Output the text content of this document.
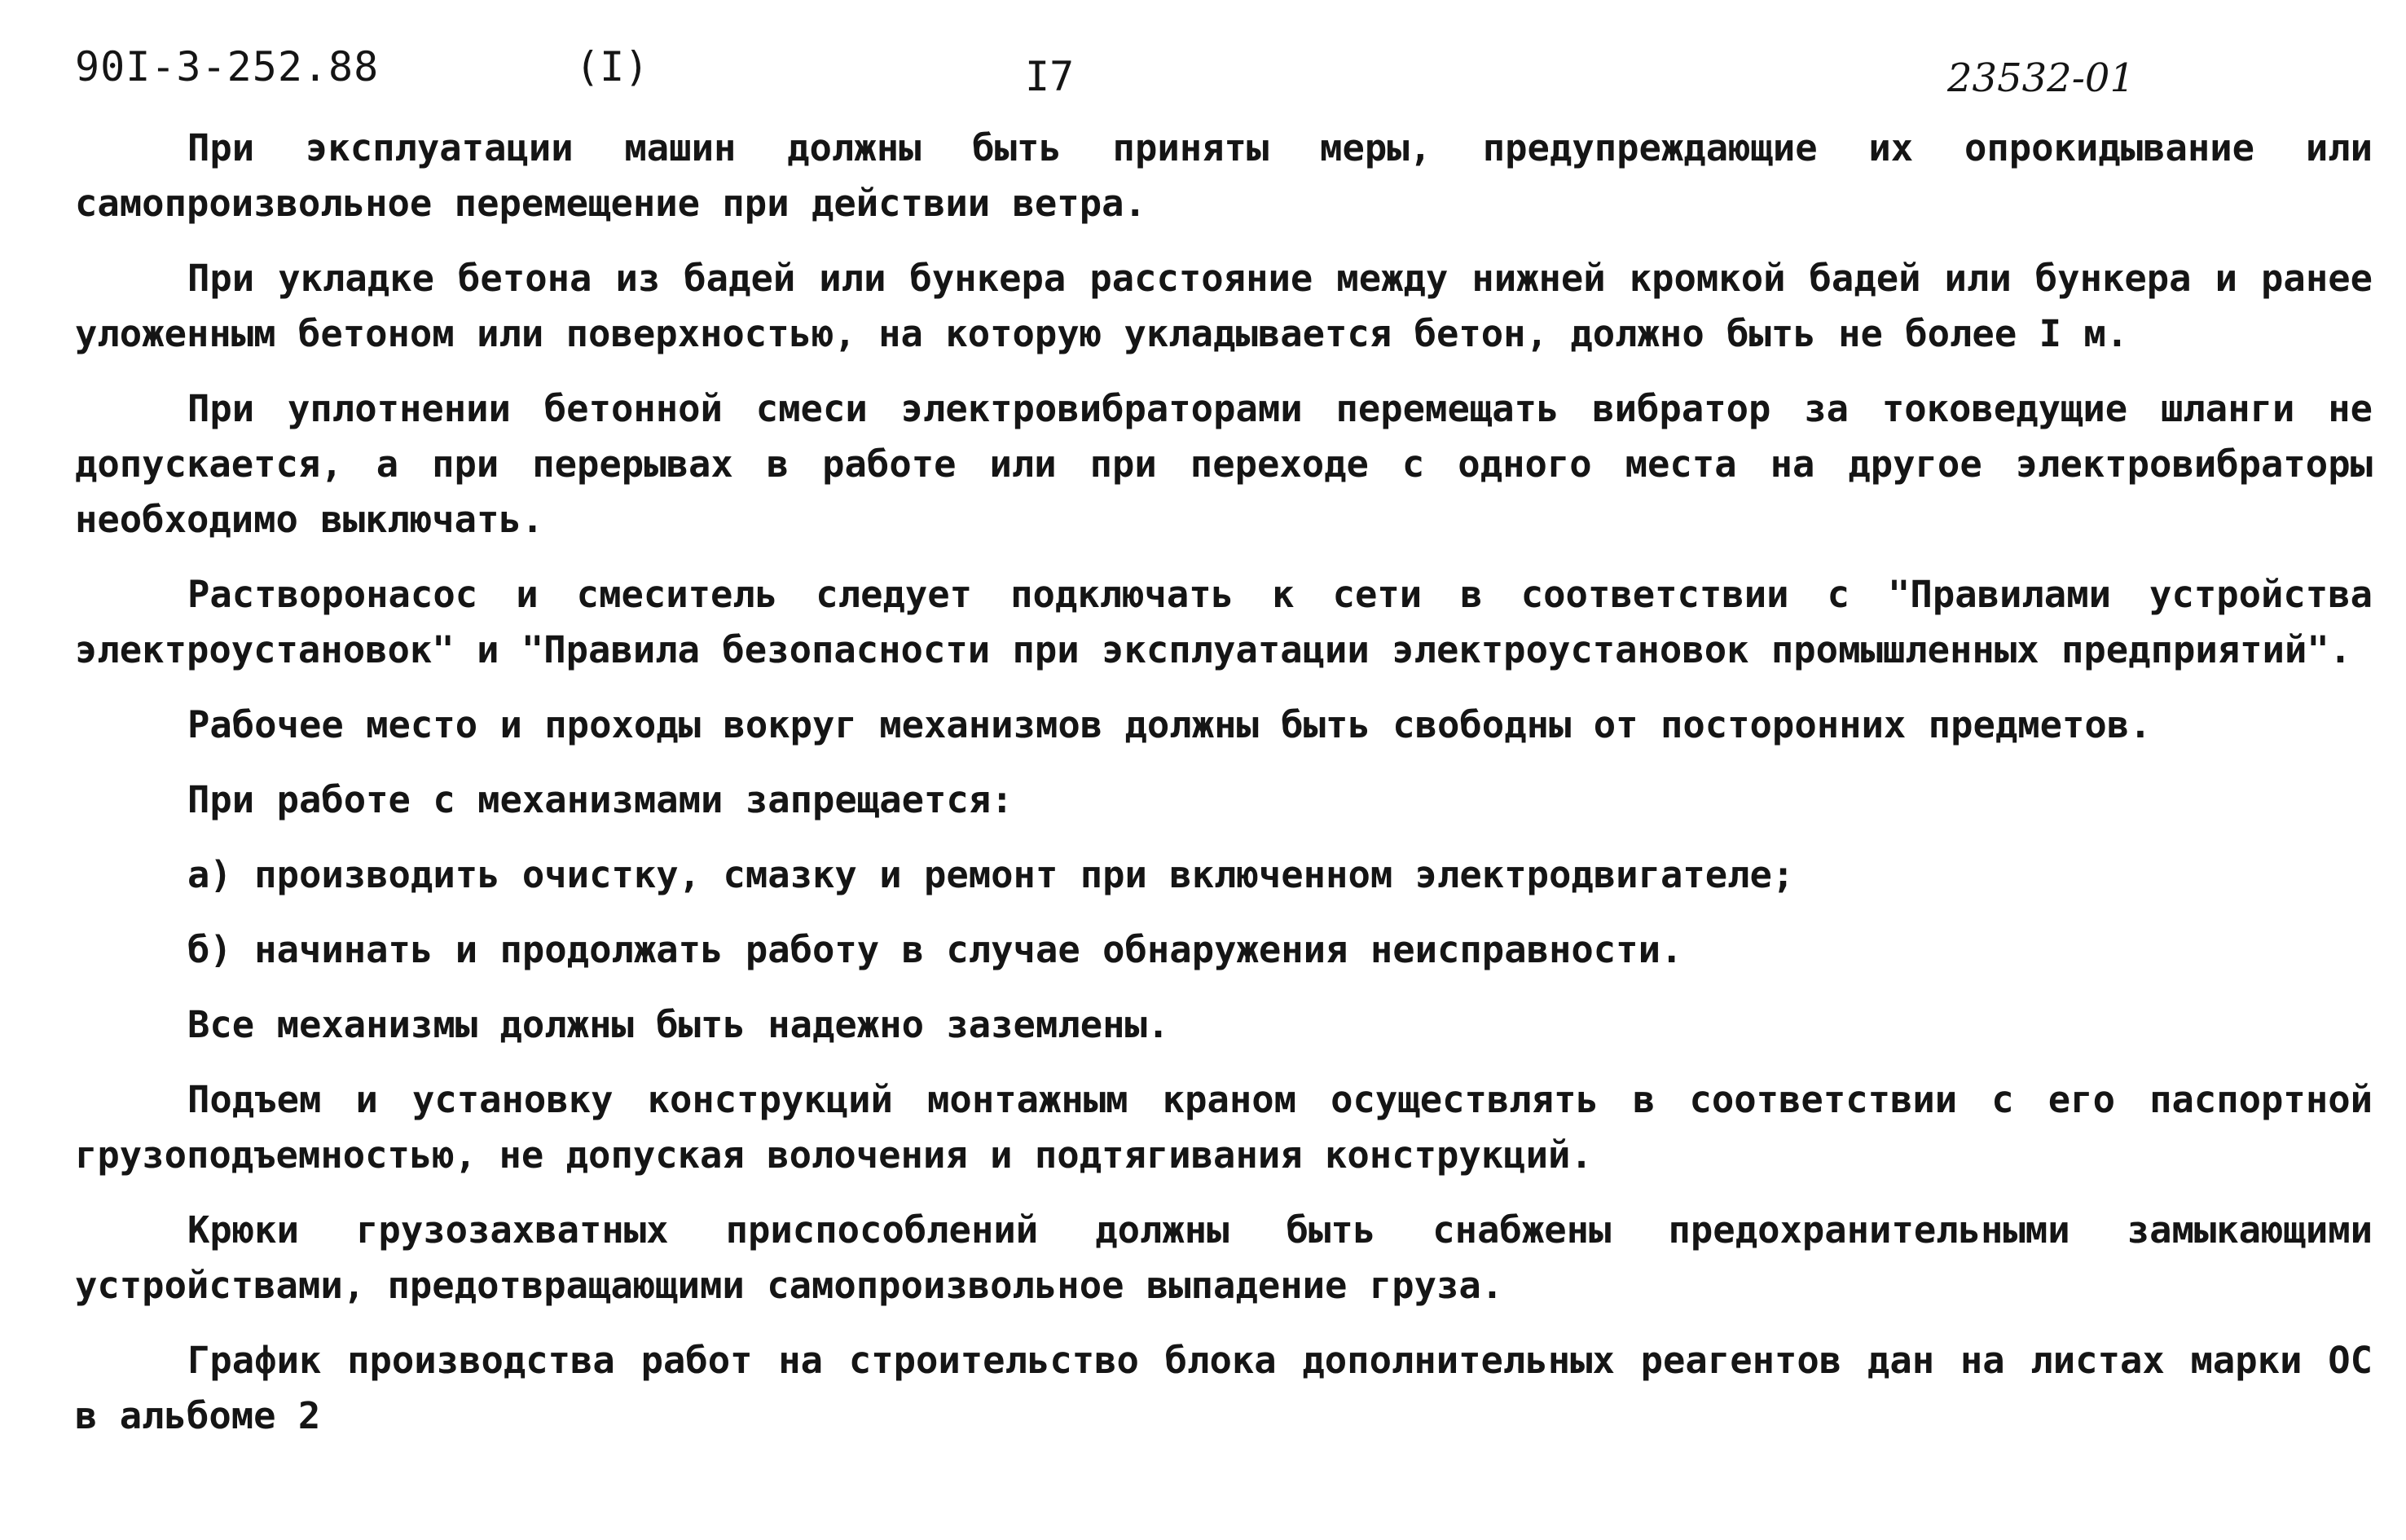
90I-3-252.88	(I)	I7	23532-01

При эксплуатации машин должны быть приняты меры, предупреждающие их опрокидывание или самопроизвольное перемещение при действии ветра.

При укладке бетона из бадей или бункера расстояние между нижней кромкой бадей или бункера и ранее уложенным бетоном или поверхностью, на которую укладывается бетон, должно быть не более I м.

При уплотнении бетонной смеси электровибраторами перемещать вибратор за токоведущие шланги не допускается, а при перерывах в работе или при переходе с одного места на другое электровибраторы необходимо выключать.

Растворонасос и смеситель следует подключать к сети в соответствии с "Правилами устройства электроустановок" и "Правила безопасности при эксплуатации электроустановок промышленных предприятий".

Рабочее место и проходы вокруг механизмов должны быть свободны от посторонних предметов.

При работе с механизмами запрещается:

а) производить очистку, смазку и ремонт при включенном электродвигателе;

б) начинать и продолжать работу в случае обнаружения неисправности.

Все механизмы должны быть надежно заземлены.

Подъем и установку конструкций монтажным краном осуществлять в соответствии с его паспортной грузоподъемностью, не допуская волочения и подтягивания конструкций.

Крюки грузозахватных приспособлений должны быть снабжены предохранительными замыкающими устройствами, предотвращающими самопроизвольное выпадение груза.

График производства работ на строительство блока дополнительных реагентов дан на листах марки ОС в альбоме 2
